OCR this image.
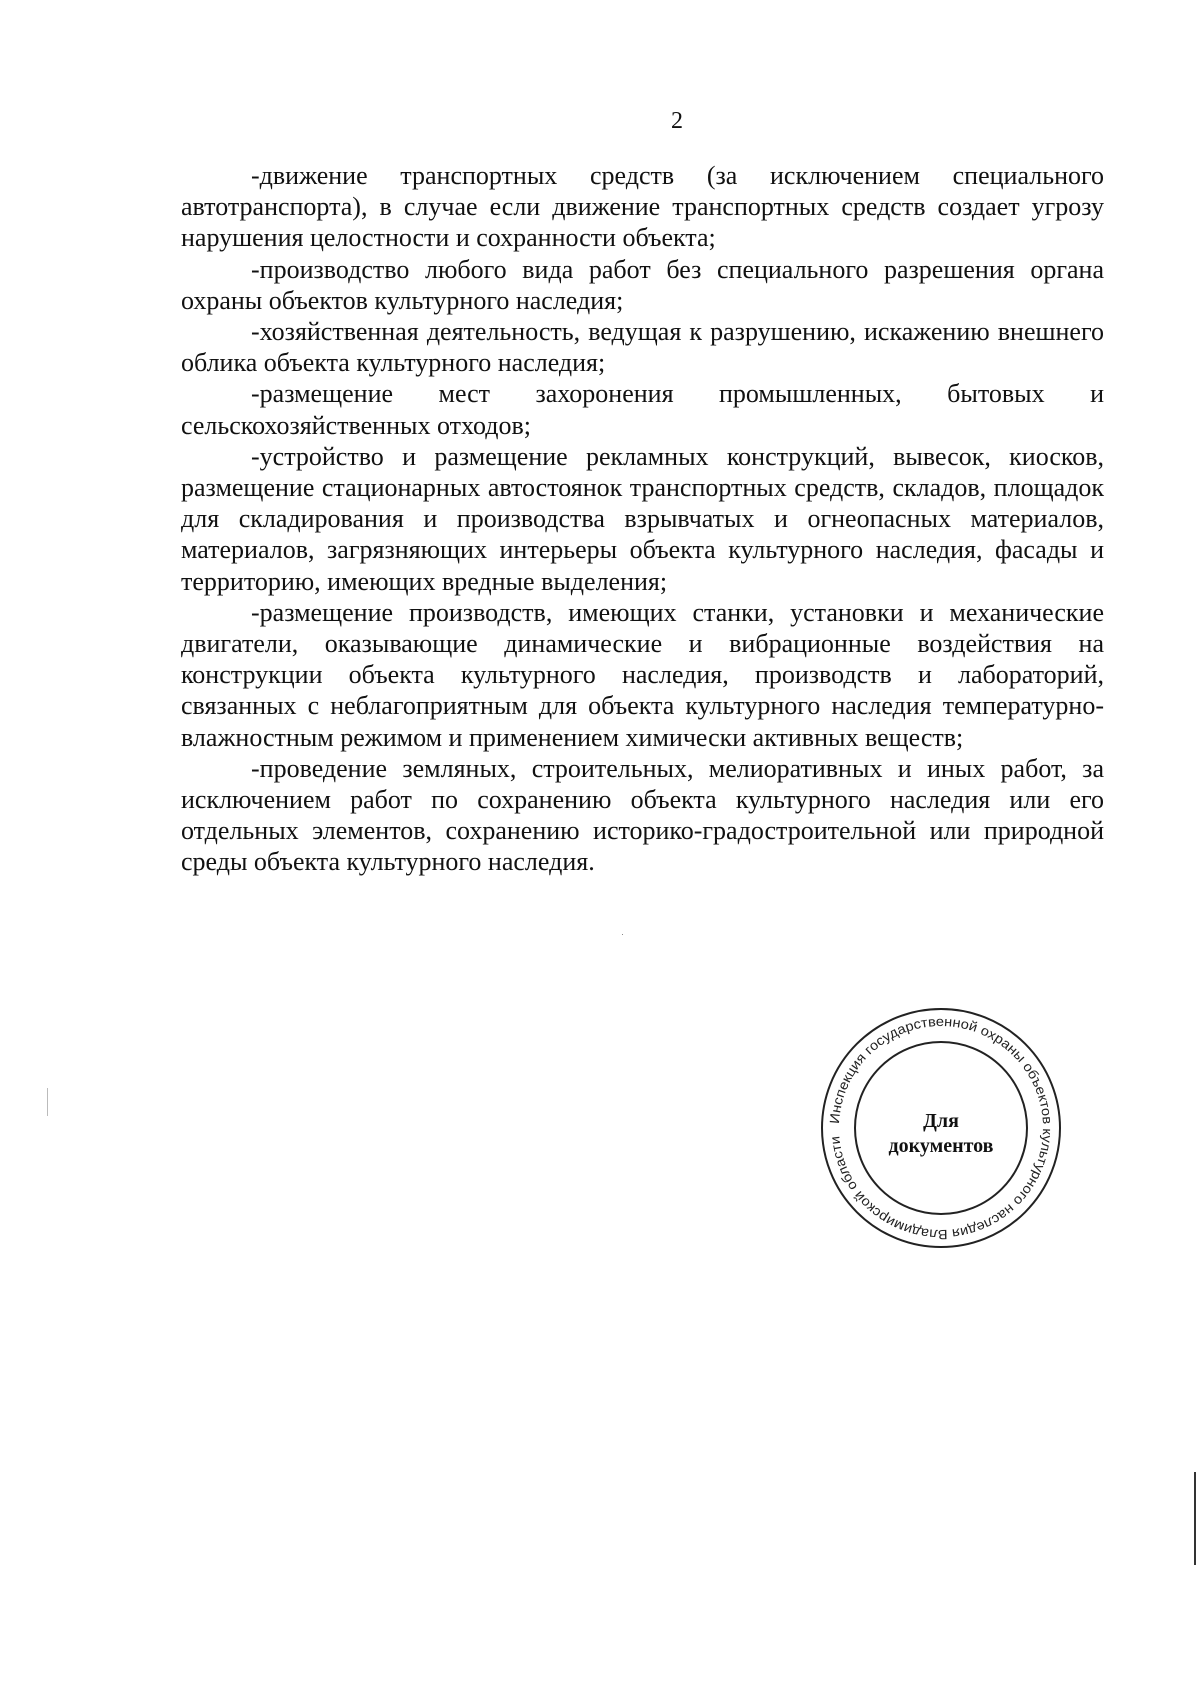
2

-движение транспортных средств (за исключением специального автотранспорта), в случае если движение транспортных средств создает угрозу нарушения целостности и сохранности объекта;

-производство любого вида работ без специального разрешения органа охраны объектов культурного наследия;

-хозяйственная деятельность, ведущая к разрушению, искажению внешнего облика объекта культурного наследия;

-размещение мест захоронения промышленных, бытовых и сельскохозяйственных отходов;

-устройство и размещение рекламных конструкций, вывесок, киосков, размещение стационарных автостоянок транспортных средств, складов, площадок для складирования и производства взрывчатых и огнеопасных материалов, материалов, загрязняющих интерьеры объекта культурного наследия, фасады и территорию, имеющих вредные выделения;

-размещение производств, имеющих станки, установки и механические двигатели, оказывающие динамические и вибрационные воздействия на конструкции объекта культурного наследия, производств и лабораторий, связанных с неблагоприятным для объекта культурного наследия температурно-влажностным режимом и применением химически активных веществ;

-проведение земляных, строительных, мелиоративных и иных работ, за исключением работ по сохранению объекта культурного наследия или его отдельных элементов, сохранению историко-градостроительной или природной среды объекта культурного наследия.

Инспекция государственной охраны объектов культурного наследия Владимирской области
Для
документов
